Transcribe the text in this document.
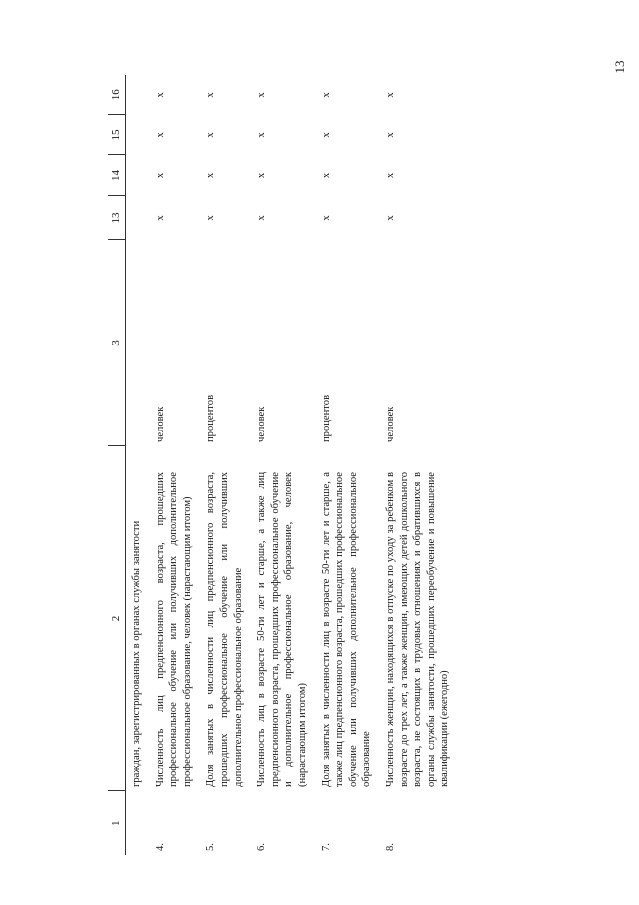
13
1	2	3	13	14	15	16
	граждан, зарегистрированных в органах службы занятости					
4.	Численность лиц предпенсионного возраста, прошедших профессиональное обучение или получивших дополнительное профессиональное образование, человек (нарастающим итогом)	человек	x	x	x	x
5.	Доля занятых в численности лиц предпенсионного возраста, прошедших профессиональное обучение или получивших дополнительное профессиональное образование	процентов	x	x	x	x
6.	Численность лиц в возрасте 50-ти лет и старше, а также лиц предпенсионного возраста, прошедших профессиональное обучение и дополнительное профессиональное образование, человек (нарастающим итогом)	человек	x	x	x	x
7.	Доля занятых в численности лиц в возрасте 50-ти лет и старше, а также лиц предпенсионного возраста, прошедших профессиональное обучение или получивших дополнительное профессиональное образование	процентов	x	x	x	x
8.	Численность женщин, находящихся в отпуске по уходу за ребенком в возрасте до трех лет, а также женщин, имеющих детей дошкольного возраста, не состоящих в трудовых отношениях и обратившихся в органы службы занятости, прошедших переобучение и повышение квалификации (ежегодно)	человек	x	x	x	x
